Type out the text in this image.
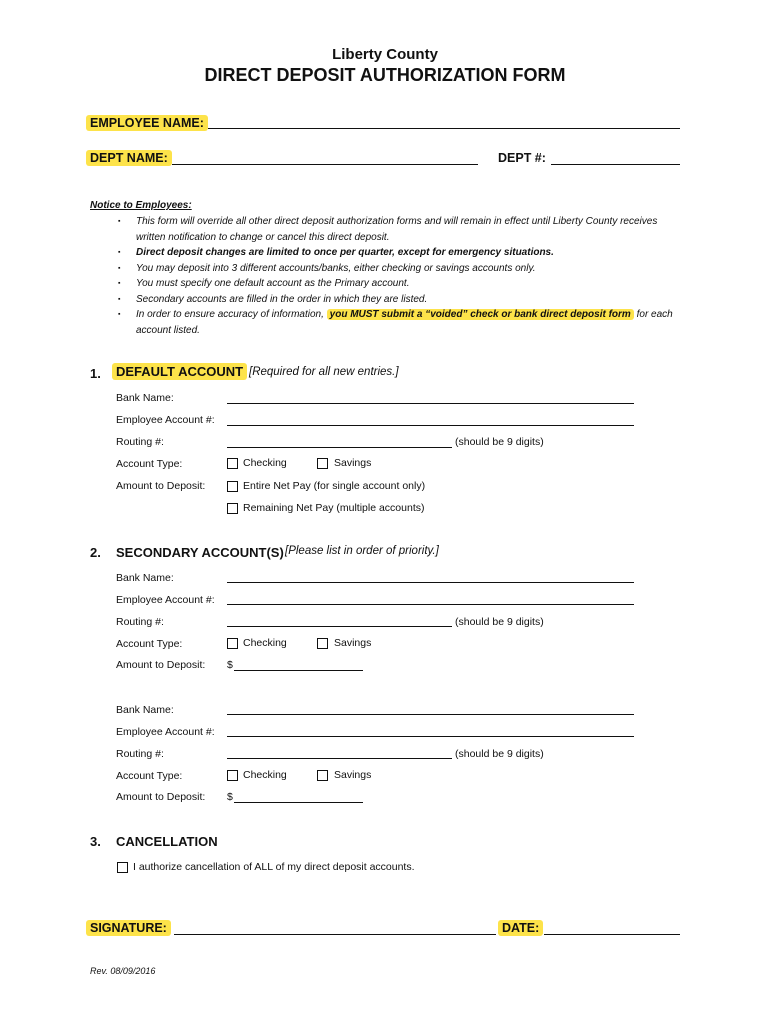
Liberty County
DIRECT DEPOSIT AUTHORIZATION FORM
EMPLOYEE NAME:
DEPT NAME:	DEPT #:
Notice to Employees:
▪ This form will override all other direct deposit authorization forms and will remain in effect until Liberty County receives
written notification to change or cancel this direct deposit.
▪ Direct deposit changes are limited to once per quarter, except for emergency situations.
▪ You may deposit into 3 different accounts/banks, either checking or savings accounts only.
▪ You must specify one default account as the Primary account.
▪ Secondary accounts are filled in the order in which they are listed.
▪ In order to ensure accuracy of information, you MUST submit a “voided” check or bank direct deposit form for each
account listed.
1.	DEFAULT ACCOUNT [Required for all new entries.]
Bank Name:
Employee Account #:
Routing #:	(should be 9 digits)
Account Type:	Checking	Savings
Amount to Deposit:	Entire Net Pay (for single account only)
Remaining Net Pay (multiple accounts)
2. SECONDARY ACCOUNT(S) [Please list in order of priority.]
Bank Name:
Employee Account #:
Routing #:	(should be 9 digits)
Account Type:	Checking	Savings
Amount to Deposit: $
Bank Name:
Employee Account #:
Routing #:	(should be 9 digits)
Account Type:	Checking	Savings
Amount to Deposit: $
3. CANCELLATION
I authorize cancellation of ALL of my direct deposit accounts.
SIGNATURE:	DATE:
Rev. 08/09/2016
